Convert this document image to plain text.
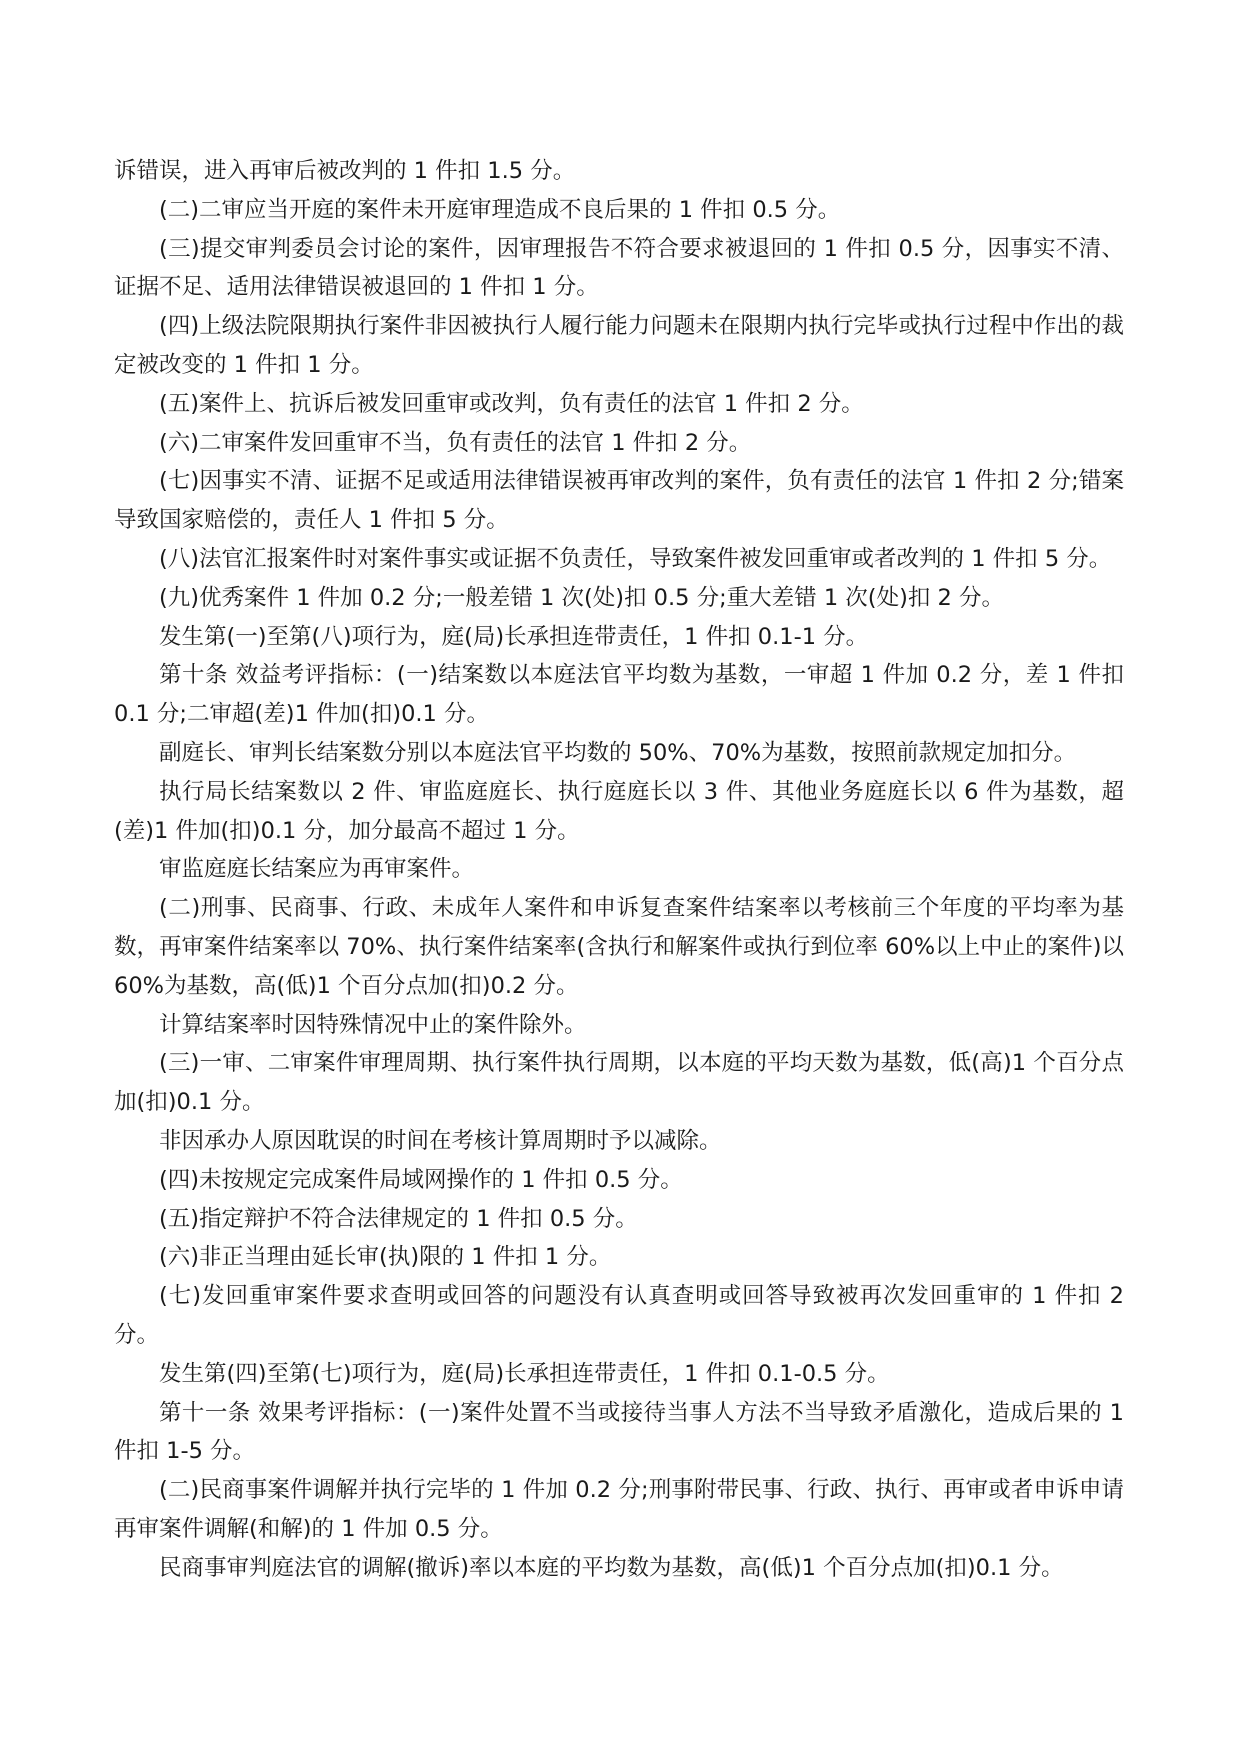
诉错误，进入再审后被改判的 1 件扣 1.5 分。

(二)二审应当开庭的案件未开庭审理造成不良后果的 1 件扣 0.5 分。

(三)提交审判委员会讨论的案件，因审理报告不符合要求被退回的 1 件扣 0.5 分，因事实不清、证据不足、适用法律错误被退回的 1 件扣 1 分。

(四)上级法院限期执行案件非因被执行人履行能力问题未在限期内执行完毕或执行过程中作出的裁定被改变的 1 件扣 1 分。

(五)案件上、抗诉后被发回重审或改判，负有责任的法官 1 件扣 2 分。

(六)二审案件发回重审不当，负有责任的法官 1 件扣 2 分。

(七)因事实不清、证据不足或适用法律错误被再审改判的案件，负有责任的法官 1 件扣 2 分;错案导致国家赔偿的，责任人 1 件扣 5 分。

(八)法官汇报案件时对案件事实或证据不负责任，导致案件被发回重审或者改判的 1 件扣 5 分。

(九)优秀案件 1 件加 0.2 分;一般差错 1 次(处)扣 0.5 分;重大差错 1 次(处)扣 2 分。

发生第(一)至第(八)项行为，庭(局)长承担连带责任，1 件扣 0.1-1 分。

第十条 效益考评指标：(一)结案数以本庭法官平均数为基数，一审超 1 件加 0.2 分，差 1 件扣 0.1 分;二审超(差)1 件加(扣)0.1 分。

副庭长、审判长结案数分别以本庭法官平均数的 50%、70%为基数，按照前款规定加扣分。

执行局长结案数以 2 件、审监庭庭长、执行庭庭长以 3 件、其他业务庭庭长以 6 件为基数，超(差)1 件加(扣)0.1 分，加分最高不超过 1 分。

审监庭庭长结案应为再审案件。

(二)刑事、民商事、行政、未成年人案件和申诉复查案件结案率以考核前三个年度的平均率为基数，再审案件结案率以 70%、执行案件结案率(含执行和解案件或执行到位率 60%以上中止的案件)以 60%为基数，高(低)1 个百分点加(扣)0.2 分。

计算结案率时因特殊情况中止的案件除外。

(三)一审、二审案件审理周期、执行案件执行周期，以本庭的平均天数为基数，低(高)1 个百分点加(扣)0.1 分。

非因承办人原因耽误的时间在考核计算周期时予以减除。

(四)未按规定完成案件局域网操作的 1 件扣 0.5 分。

(五)指定辩护不符合法律规定的 1 件扣 0.5 分。

(六)非正当理由延长审(执)限的 1 件扣 1 分。

(七)发回重审案件要求查明或回答的问题没有认真查明或回答导致被再次发回重审的 1 件扣 2 分。

发生第(四)至第(七)项行为，庭(局)长承担连带责任，1 件扣 0.1-0.5 分。

第十一条 效果考评指标：(一)案件处置不当或接待当事人方法不当导致矛盾激化，造成后果的 1 件扣 1-5 分。

(二)民商事案件调解并执行完毕的 1 件加 0.2 分;刑事附带民事、行政、执行、再审或者申诉申请再审案件调解(和解)的 1 件加 0.5 分。

民商事审判庭法官的调解(撤诉)率以本庭的平均数为基数，高(低)1 个百分点加(扣)0.1 分。
